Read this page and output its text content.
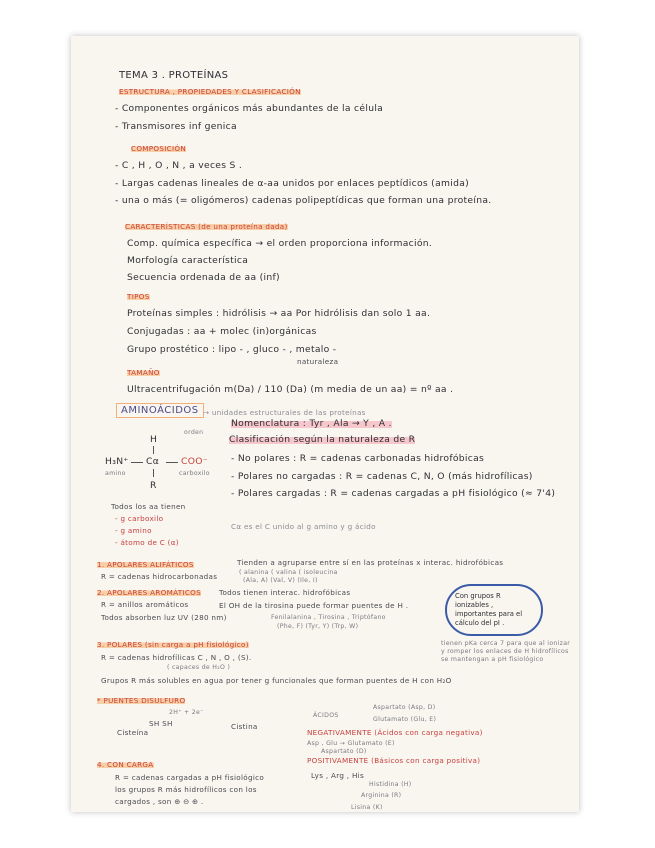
TEMA 3 . PROTEÍNAS
ESTRUCTURA , PROPIEDADES Y CLASIFICACIÓN
- Componentes orgánicos más abundantes de la célula
- Transmisores inf genica
COMPOSICIÓN
- C , H , O , N , a veces S .
- Largas cadenas lineales de α-aa unidos por enlaces peptídicos (amida)
- una o más (= oligómeros) cadenas polipeptídicas que forman una proteína.
CARACTERÍSTICAS (de una proteína dada)
Comp. química específica → el orden proporciona información.
Morfología característica
Secuencia ordenada de aa (inf)
TIPOS
Proteínas simples : hidrólisis → aa Por hidrólisis dan solo 1 aa.
Conjugadas : aa + molec (in)orgánicas
Grupo prostético : lipo - , gluco - , metalo -
naturaleza
TAMAÑO
Ultracentrifugación m(Da) / 110 (Da) (m media de un aa) = nº aa .
AMINOÁCIDOS → unidades estructurales de las proteínas
Nomenclatura : Tyr , Ala → Y , A .
Clasificación según la naturaleza de R
- No polares : R = cadenas carbonadas hidrofóbicas
- Polares no cargadas : R = cadenas C, N, O (más hidrofílicas)
- Polares cargadas : R = cadenas cargadas a pH fisiológico (≈ 7'4)
H
orden
H₃N⁺ Cα COO⁻
R
amino	carboxilo
Todos los aa tienen
- g carboxilo
- g amino
- átomo de C (α)
Cα es el C unido al g amino y g ácido
1. APOLARES ALIFÁTICOS
R = cadenas hidrocarbonadas
Tienden a agruparse entre sí en las proteínas x interac. hidrofóbicas
( alanina ( valina ( isoleucina
(Ala, A) (Val, V) (Ile, I)
2. APOLARES AROMÁTICOS
R = anillos aromáticos
Todos tienen interac. hidrofóbicas
El OH de la tirosina puede formar puentes de H .
Todos absorben luz UV (280 nm)	Fenilalanina , Tirosina , Triptófano
(Phe, F) (Tyr, Y) (Trp, W)
Con grupos R ionizables , importantes para el cálculo del pI .
tienen pKa cerca 7 para que al ionizar y romper los enlaces de H hidrofílicos se mantengan a pH fisiológico
3. POLARES (sin carga a pH fisiológico)
R = cadenas hidrofílicas C , N , O , (S).
( capaces de H₂O )
Grupos R más solubles en agua por tener g funcionales que forman puentes de H con H₂O
* PUENTES DISULFURO
2H⁺ + 2e⁻
SH SH
Cisteína
Cistina
ÁCIDOS
Aspartato (Asp, D)
Glutamato (Glu, E)
NEGATIVAMENTE (Ácidos con carga negativa)
Asp , Glu → Glutamato (E)
Aspartato (D)
POSITIVAMENTE (Básicos con carga positiva)
Lys , Arg , His
Histidina (H)
Arginina (R)
Lisina (K)
4. CON CARGA
R = cadenas cargadas a pH fisiológico
los grupos R más hidrofílicos con los
cargados , son ⊕ ⊖ ⊕ .
